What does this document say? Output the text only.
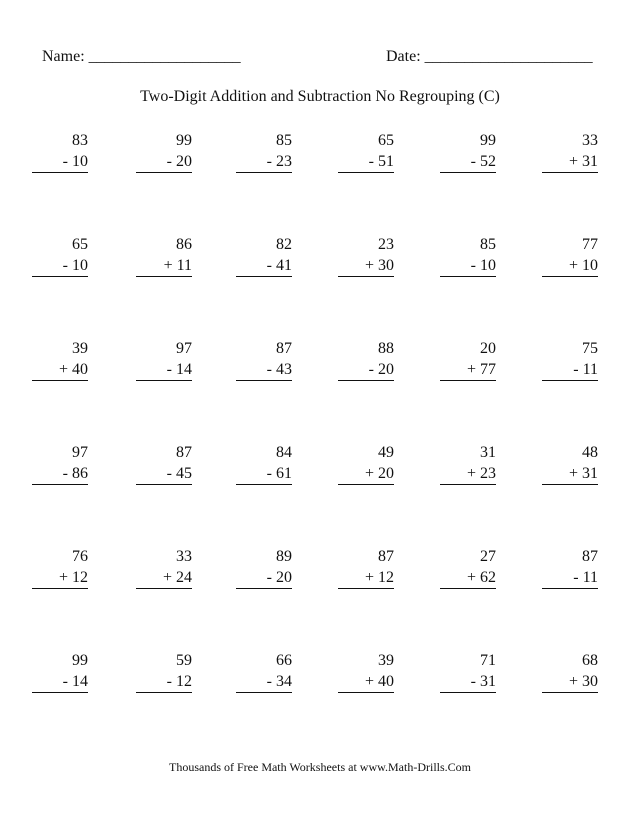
Name: ___________________	Date: _____________________
Two-Digit Addition and Subtraction No Regrouping (C)
83
- 10
99
- 20
85
- 23
65
- 51
99
- 52
33
+ 31
65
- 10
86
+ 11
82
- 41
23
+ 30
85
- 10
77
+ 10
39
+ 40
97
- 14
87
- 43
88
- 20
20
+ 77
75
- 11
97
- 86
87
- 45
84
- 61
49
+ 20
31
+ 23
48
+ 31
76
+ 12
33
+ 24
89
- 20
87
+ 12
27
+ 62
87
- 11
99
- 14
59
- 12
66
- 34
39
+ 40
71
- 31
68
+ 30
Thousands of Free Math Worksheets at www.Math-Drills.Com
